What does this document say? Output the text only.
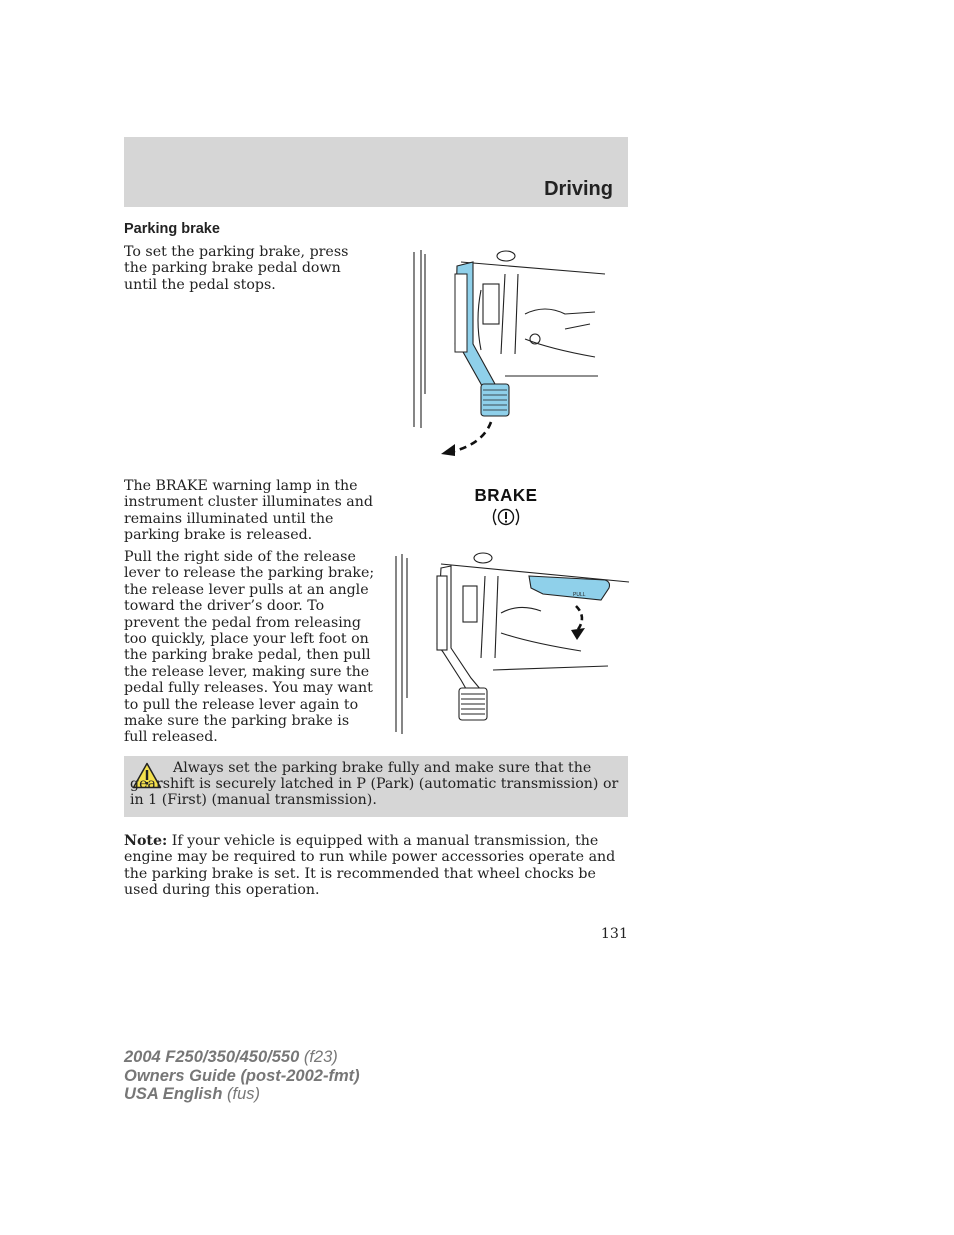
Driving
Parking brake
To set the parking brake, press the parking brake pedal down until the pedal stops.
The BRAKE warning lamp in the instrument cluster illuminates and remains illuminated until the parking brake is released.
BRAKE
Pull the right side of the release lever to release the parking brake; the release lever pulls at an angle toward the driver’s door. To prevent the pedal from releasing too quickly, place your left foot on the parking brake pedal, then pull the release lever, making sure the pedal fully releases. You may want to pull the release lever again to make sure the parking brake is full released.
PULL
Always set the parking brake fully and make sure that the gearshift is securely latched in P (Park) (automatic transmission) or in 1 (First) (manual transmission).
Note: If your vehicle is equipped with a manual transmission, the engine may be required to run while power accessories operate and the parking brake is set. It is recommended that wheel chocks be used during this operation.
131
2004 F250/350/450/550 (f23)
Owners Guide (post-2002-fmt)
USA English (fus)
